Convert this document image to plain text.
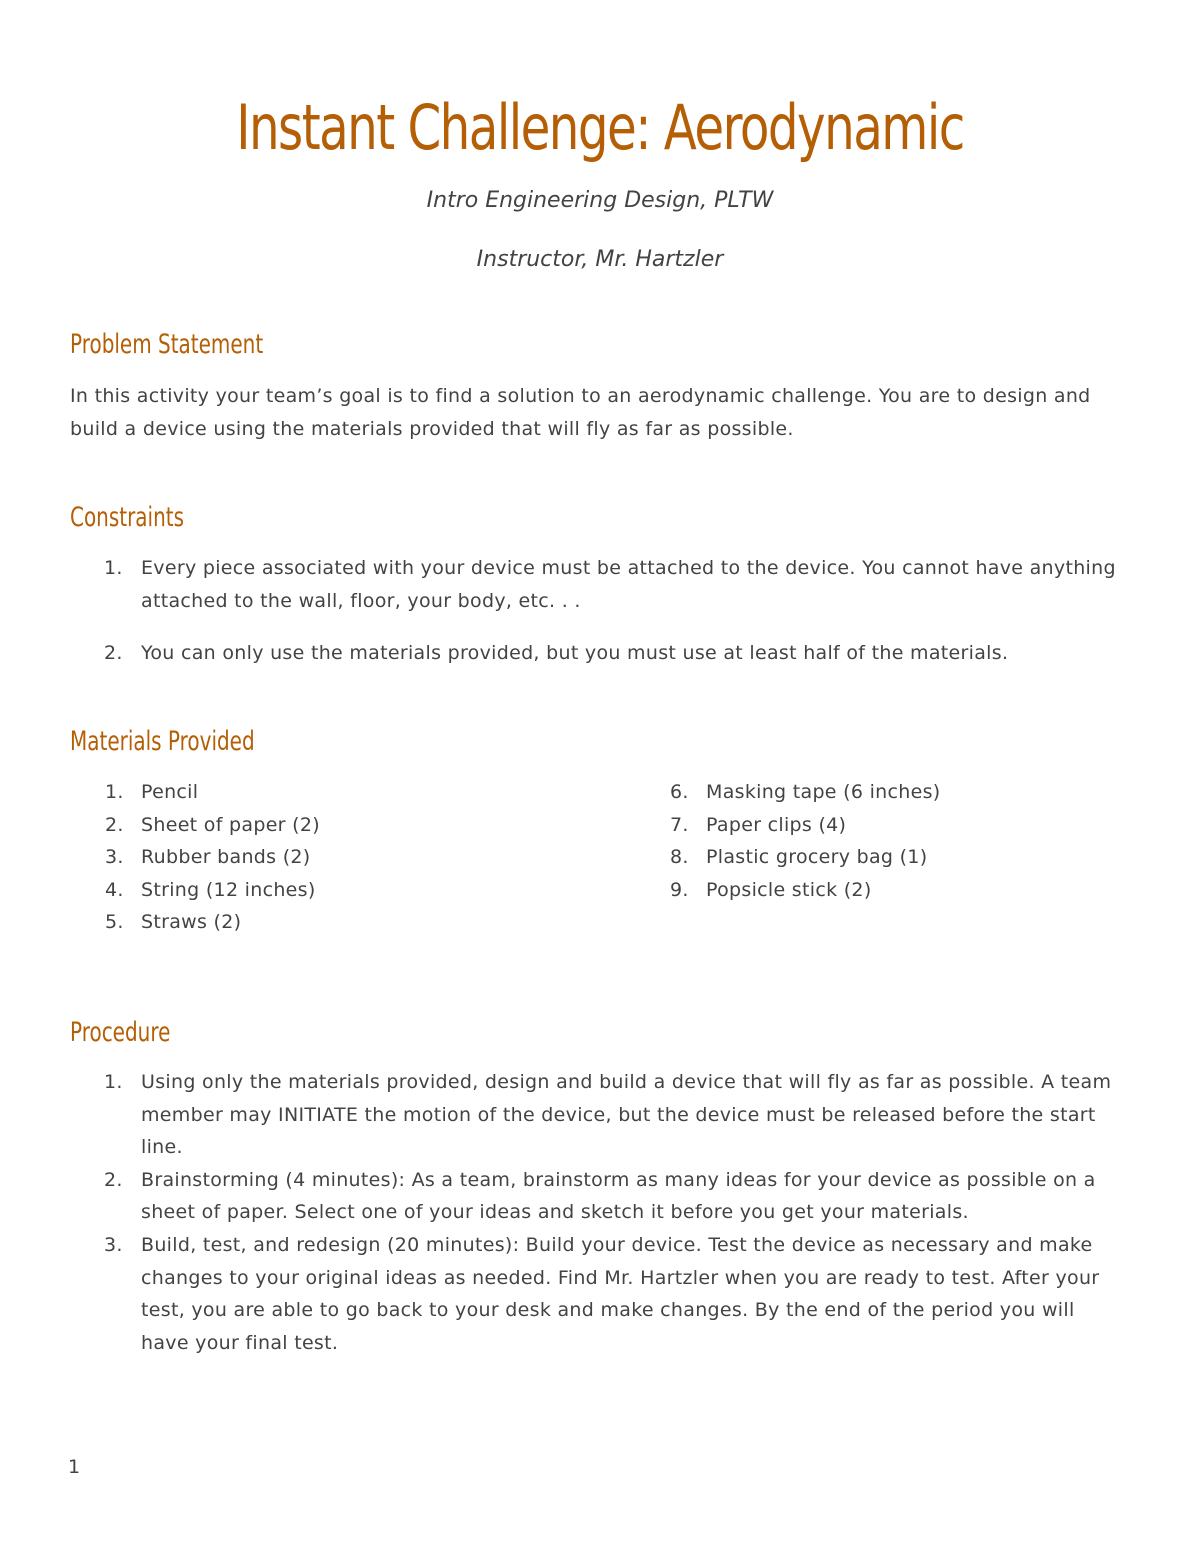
Instant Challenge: Aerodynamic
Intro Engineering Design, PLTW
Instructor, Mr. Hartzler
Problem Statement
In this activity your team’s goal is to find a solution to an aerodynamic challenge. You are to design and build a device using the materials provided that will fly as far as possible.
Constraints
1. Every piece associated with your device must be attached to the device. You cannot have anything attached to the wall, floor, your body, etc. . .
2. You can only use the materials provided, but you must use at least half of the materials.
Materials Provided
1. Pencil
2. Sheet of paper (2)
3. Rubber bands (2)
4. String (12 inches)
5. Straws (2)
6. Masking tape (6 inches)
7. Paper clips (4)
8. Plastic grocery bag (1)
9. Popsicle stick (2)
Procedure
1. Using only the materials provided, design and build a device that will fly as far as possible. A team member may INITIATE the motion of the device, but the device must be released before the start line.
2. Brainstorming (4 minutes): As a team, brainstorm as many ideas for your device as possible on a sheet of paper. Select one of your ideas and sketch it before you get your materials.
3. Build, test, and redesign (20 minutes): Build your device. Test the device as necessary and make changes to your original ideas as needed. Find Mr. Hartzler when you are ready to test. After your test, you are able to go back to your desk and make changes. By the end of the period you will have your final test.
1
